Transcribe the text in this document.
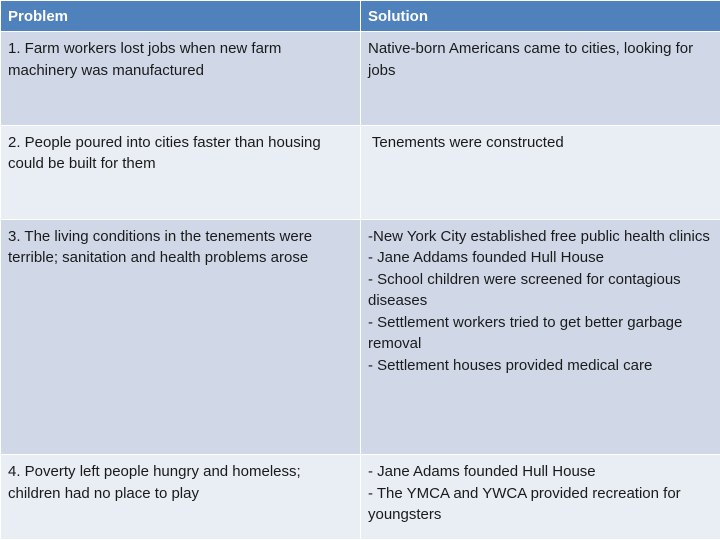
Problem	Solution
1. Farm workers lost jobs when new farm machinery was manufactured	Native-born Americans came to cities, looking for jobs

2. People poured into cities faster than housing could be built for them	Tenements were constructed

3. The living conditions in the tenements were terrible; sanitation and health problems arose	-New York City established free public health clinics
- Jane Addams founded Hull House
- School children were screened for contagious diseases
- Settlement workers tried to get better garbage removal
- Settlement houses provided medical care

4. Poverty left people hungry and homeless; children had no place to play	- Jane Adams founded Hull House
- The YMCA and YWCA provided recreation for youngsters
